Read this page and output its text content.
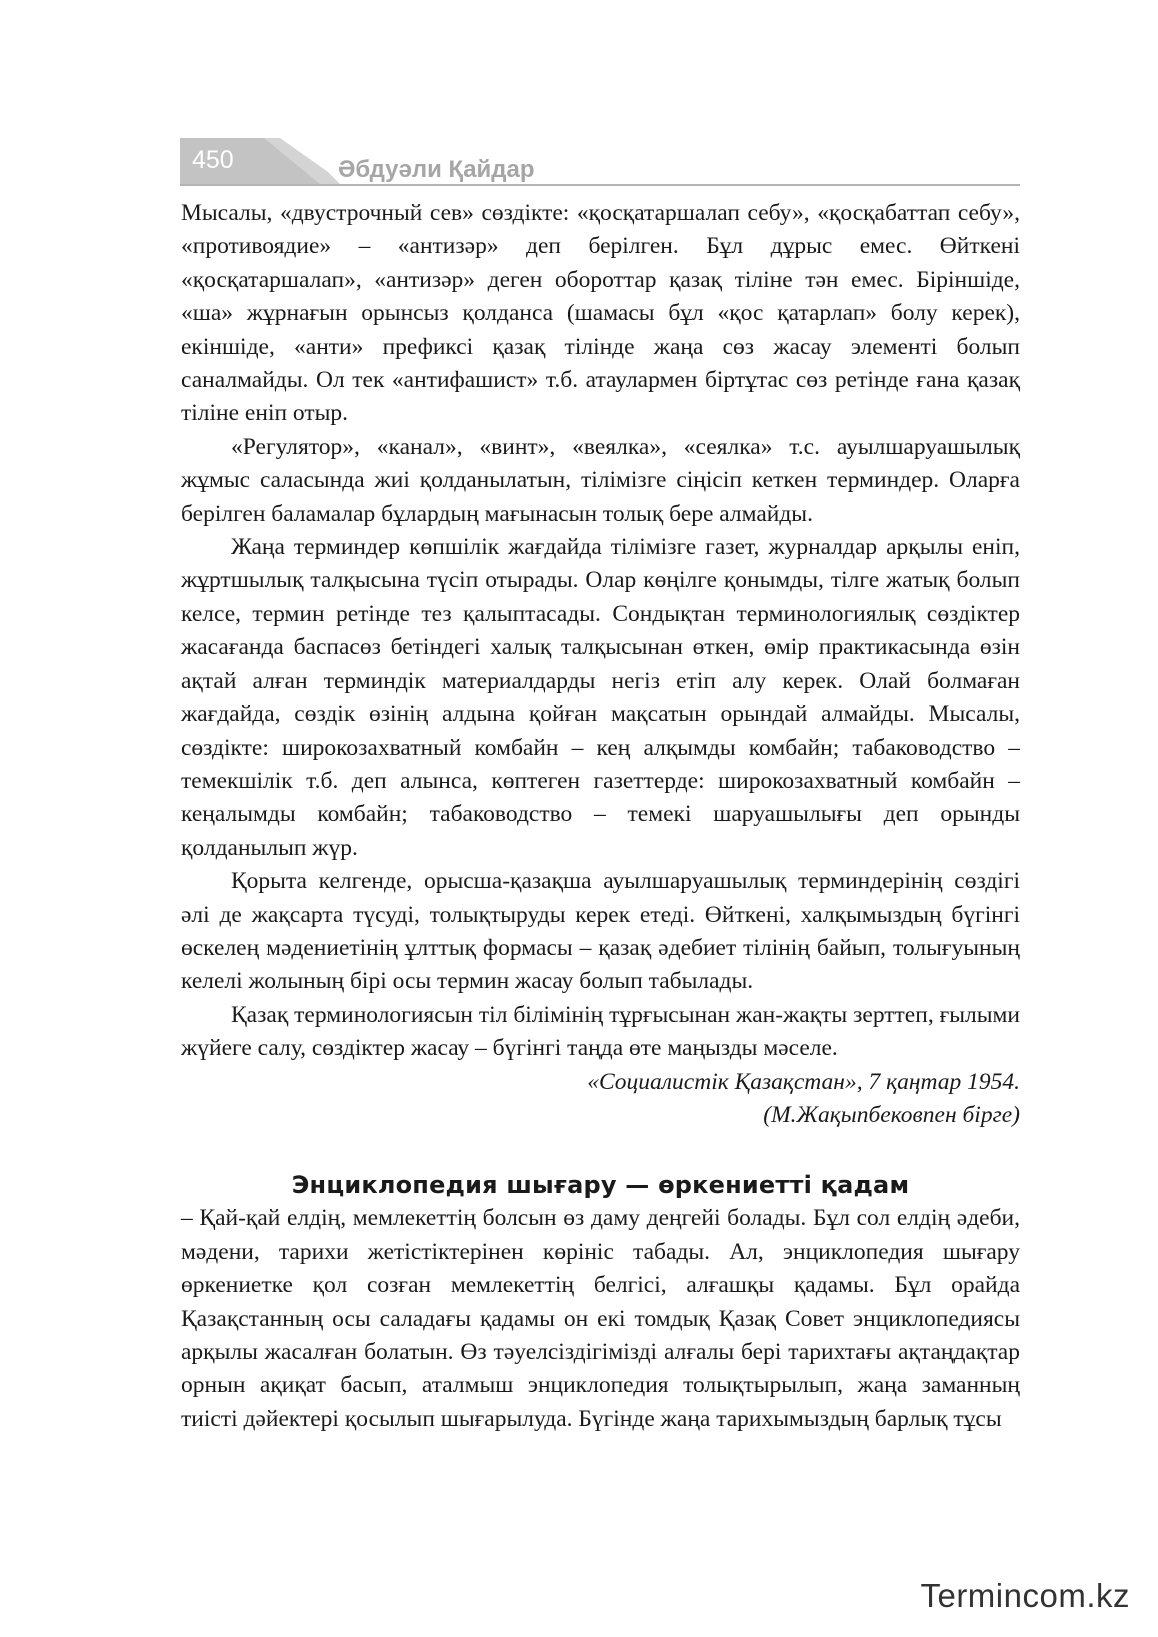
450	Әбдуәли Қайдар

Мысалы, «двустрочный сев» сөздікте: «қосқатаршалап себу», «қосқабаттап себу», «противоядие» – «антизәр» деп берілген. Бұл дұрыс емес. Өйткені «қосқатаршалап», «антизәр» деген обороттар қазақ тіліне тән емес. Біріншіде, «ша» жұрнағын орынсыз қолданса (шамасы бұл «қос қатарлап» болу керек), екіншіде, «анти» префиксі қазақ тілінде жаңа сөз жасау элементі болып саналмайды. Ол тек «антифашист» т.б. атаулармен біртұтас сөз ретінде ғана қазақ тіліне еніп отыр.

«Регулятор», «канал», «винт», «веялка», «сеялка» т.с. ауылшаруашылық жұмыс саласында жиі қолданылатын, тілімізге сіңісіп кеткен терминдер. Оларға берілген баламалар бұлардың мағынасын толық бере алмайды.

Жаңа терминдер көпшілік жағдайда тілімізге газет, журналдар арқылы еніп, жұртшылық талқысына түсіп отырады. Олар көңілге қонымды, тілге жатық болып келсе, термин ретінде тез қалыптасады. Сондықтан терминологиялық сөздіктер жасағанда баспасөз бетіндегі халық талқысынан өткен, өмір практикасында өзін ақтай алған терминдік материалдарды негіз етіп алу керек. Олай болмаған жағдайда, сөздік өзінің алдына қойған мақсатын орындай алмайды. Мысалы, сөздікте: широкозахватный комбайн – кең алқымды комбайн; табаководство – темекшілік т.б. деп алынса, көптеген газеттерде: широкозахватный комбайн – кеңалымды комбайн; табаководство – темекі шаруашылығы деп орынды қолданылып жүр.

Қорыта келгенде, орысша-қазақша ауылшаруашылық терминдерінің сөздігі әлі де жақсарта түсуді, толықтыруды керек етеді. Өйткені, халқымыздың бүгінгі өскелең мәдениетінің ұлттық формасы – қазақ әдебиет тілінің байып, толығуының келелі жолының бірі осы термин жасау болып табылады.

Қазақ терминологиясын тіл білімінің тұрғысынан жан-жақты зерттеп, ғылыми жүйеге салу, сөздіктер жасау – бүгінгі таңда өте маңызды мәселе.

«Социалистік Қазақстан», 7 қаңтар 1954.
(М.Жақыпбековпен бірге)
Энциклопедия шығару — өркениетті қадам

– Қай-қай елдің, мемлекеттің болсын өз даму деңгейі болады. Бұл сол елдің әдеби, мәдени, тарихи жетістіктерінен көрініс табады. Ал, энциклопедия шығару өркениетке қол созған мемлекеттің белгісі, алғашқы қадамы. Бұл орайда Қазақстанның осы саладағы қадамы он екі томдық Қазақ Совет энциклопедиясы арқылы жасалған болатын. Өз тәуелсіздігімізді алғалы бері тарихтағы ақтаңдақтар орнын ақиқат басып, аталмыш энциклопедия толықтырылып, жаңа заманның тиісті дәйектері қосылып шығарылуда. Бүгінде жаңа тарихымыздың барлық тұсы

Termincom.kz
